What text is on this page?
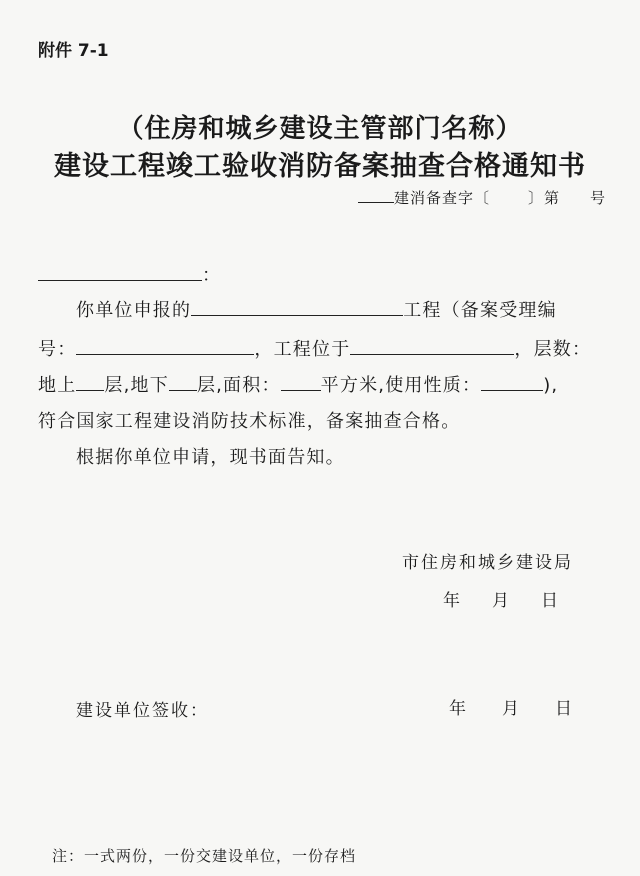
附件 7-1
（住房和城乡建设主管部门名称）
建设工程竣工验收消防备案抽查合格通知书
建消备查字〔	〕第 号
：
你单位申报的	工程（备案受理编
号：	，工程位于	，层数：
地上 层,地下 层,面积： 平方米,使用性质：	),
符合国家工程建设消防技术标准，备案抽查合格。
根据你单位申请，现书面告知。
市住房和城乡建设局
年 月 日
建设单位签收：	年 月 日
注：一式两份，一份交建设单位，一份存档
